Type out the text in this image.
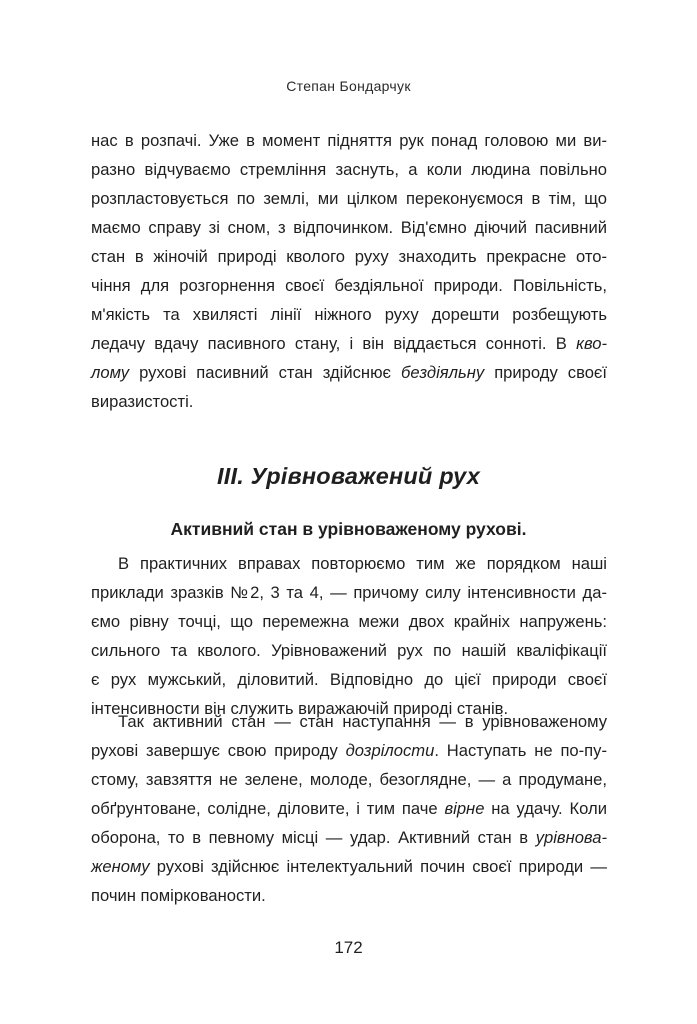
Степан Бондарчук
нас в розпачі. Уже в момент підняття рук понад головою ми ви-
разно відчуваємо стремління заснуть, а коли людина повільно
розпластовується по землі, ми цілком переконуємося в тім, що
маємо справу зі сном, з відпочинком. Від'ємно діючий пасивний
стан в жіночій природі кволого руху знаходить прекрасне ото-
чіння для розгорнення своєї бездіяльної природи. Повільність,
м'якість та хвилясті лінії ніжного руху дорешти розбещують
ледачу вдачу пасивного стану, і він віддається сонноті. В кво-
лому рухові пасивний стан здійснює бездіяльну природу своєї
виразистості.
III. Урівноважений рух
Активний стан в урівноваженому рухові.
В практичних вправах повторюємо тим же порядком наші
приклади зразків №2, 3 та 4, — причому силу інтенсивности да-
ємо рівну точці, що перемежна межи двох крайніх напружень:
сильного та кволого. Урівноважений рух по нашій кваліфікації
є рух мужський, діловитий. Відповідно до цієї природи своєї
інтенсивности він служить виражаючій природі станів.
Так активний стан — стан наступання — в урівноваженому
рухові завершує свою природу дозрілости. Наступать не по-пу-
стому, завзяття не зелене, молоде, безоглядне, — а продумане,
обґрунтоване, солідне, діловите, і тим паче вірне на удачу. Коли
оборона, то в певному місці — удар. Активний стан в урівнова-
женому рухові здійснює інтелектуальний почин своєї природи —
почин поміркованости.
172
